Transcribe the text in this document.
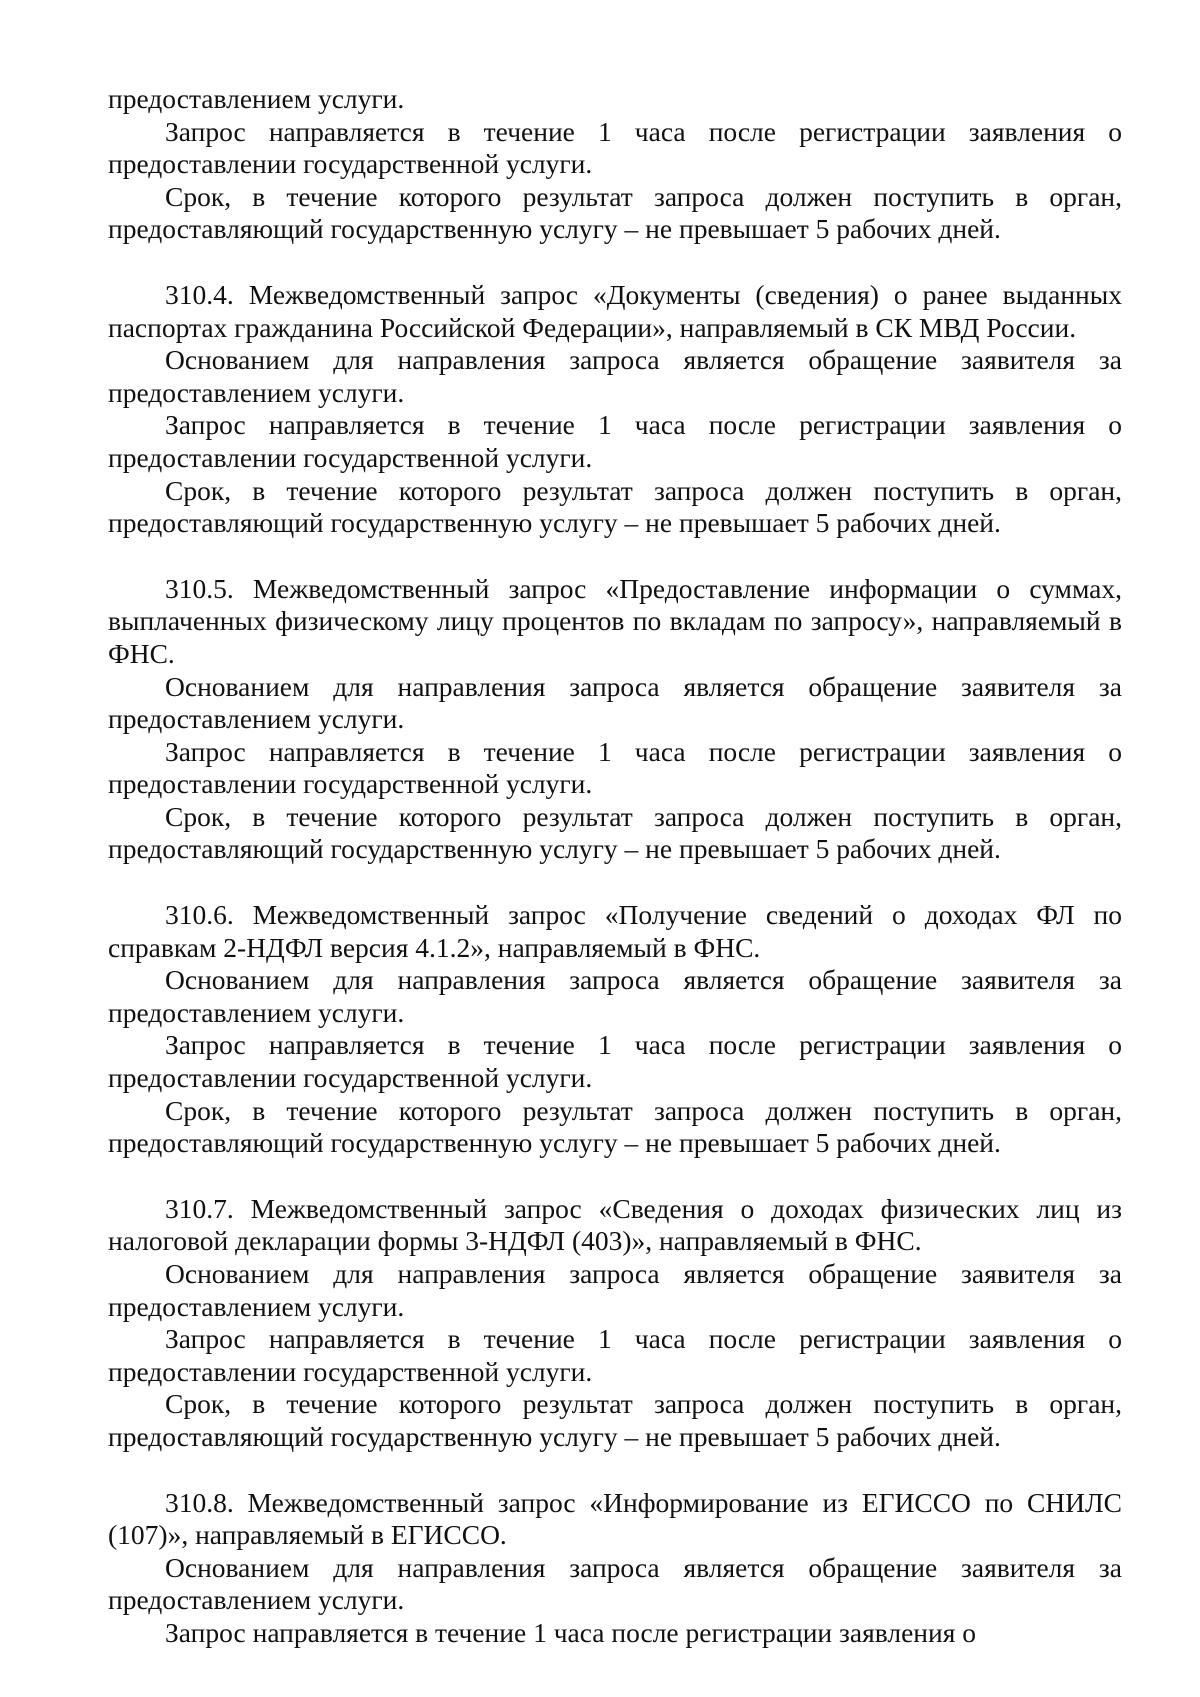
предоставлением услуги.

Запрос направляется в течение 1 часа после регистрации заявления о предоставлении государственной услуги.

Срок, в течение которого результат запроса должен поступить в орган, предоставляющий государственную услугу – не превышает 5 рабочих дней.

310.4. Межведомственный запрос «Документы (сведения) о ранее выданных паспортах гражданина Российской Федерации», направляемый в СК МВД России.

Основанием для направления запроса является обращение заявителя за предоставлением услуги.

Запрос направляется в течение 1 часа после регистрации заявления о предоставлении государственной услуги.

Срок, в течение которого результат запроса должен поступить в орган, предоставляющий государственную услугу – не превышает 5 рабочих дней.

310.5. Межведомственный запрос «Предоставление информации о суммах, выплаченных физическому лицу процентов по вкладам по запросу», направляемый в ФНС.

Основанием для направления запроса является обращение заявителя за предоставлением услуги.

Запрос направляется в течение 1 часа после регистрации заявления о предоставлении государственной услуги.

Срок, в течение которого результат запроса должен поступить в орган, предоставляющий государственную услугу – не превышает 5 рабочих дней.

310.6. Межведомственный запрос «Получение сведений о доходах ФЛ по справкам 2-НДФЛ версия 4.1.2», направляемый в ФНС.

Основанием для направления запроса является обращение заявителя за предоставлением услуги.

Запрос направляется в течение 1 часа после регистрации заявления о предоставлении государственной услуги.

Срок, в течение которого результат запроса должен поступить в орган, предоставляющий государственную услугу – не превышает 5 рабочих дней.

310.7. Межведомственный запрос «Сведения о доходах физических лиц из налоговой декларации формы 3-НДФЛ (403)», направляемый в ФНС.

Основанием для направления запроса является обращение заявителя за предоставлением услуги.

Запрос направляется в течение 1 часа после регистрации заявления о предоставлении государственной услуги.

Срок, в течение которого результат запроса должен поступить в орган, предоставляющий государственную услугу – не превышает 5 рабочих дней.

310.8. Межведомственный запрос «Информирование из ЕГИССО по СНИЛС (107)», направляемый в ЕГИССО.

Основанием для направления запроса является обращение заявителя за предоставлением услуги.

Запрос направляется в течение 1 часа после регистрации заявления о
